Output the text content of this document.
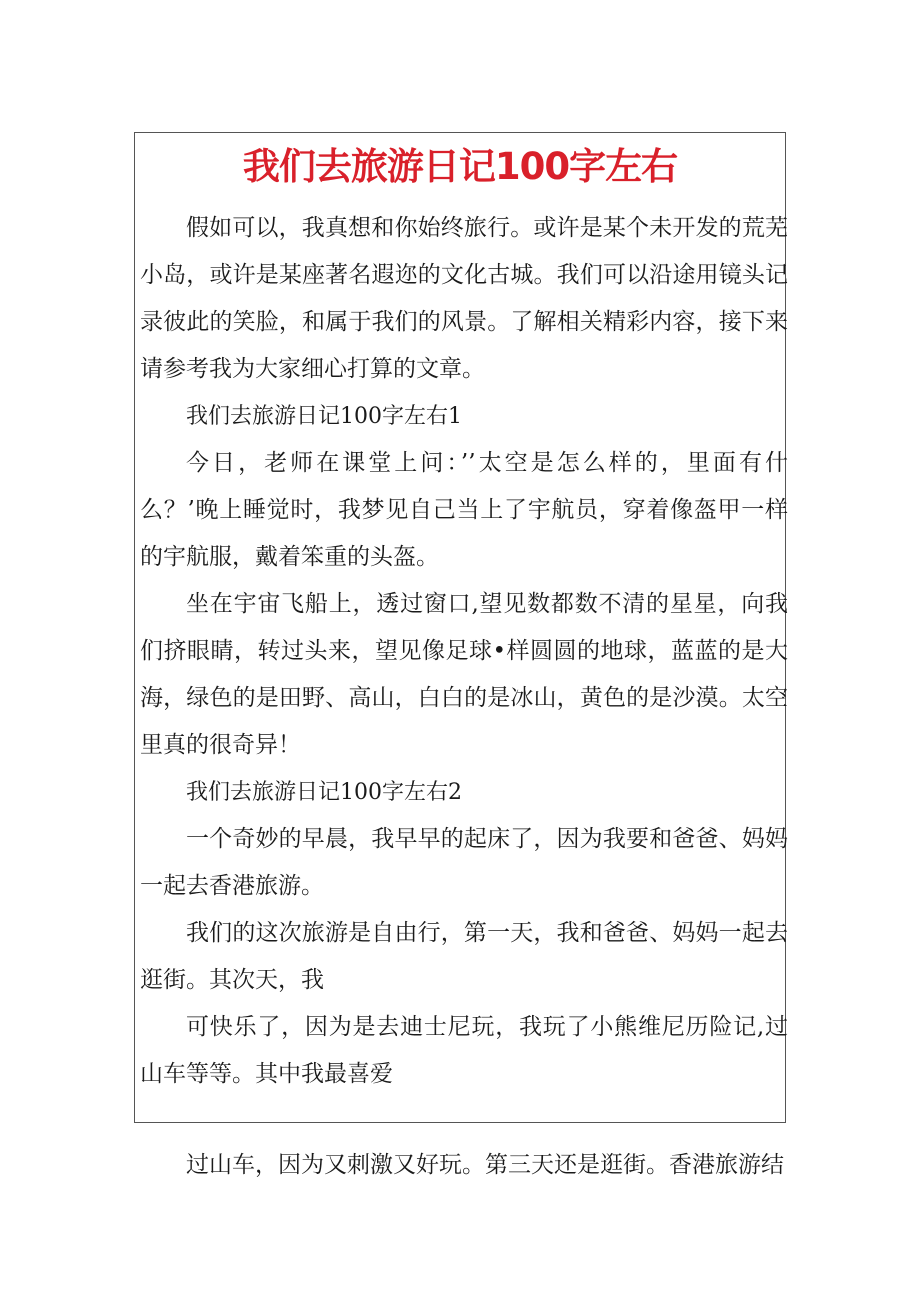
我们去旅游日记100字左右

假如可以，我真想和你始终旅行。或许是某个未开发的荒芜小岛，或许是某座著名遐迩的文化古城。我们可以沿途用镜头记录彼此的笑脸，和属于我们的风景。了解相关精彩内容，接下来请参考我为大家细心打算的文章。

我们去旅游日记100字左右1

今日，老师在课堂上问：’’太空是怎么样的，里面有什么？’晚上睡觉时，我梦见自己当上了宇航员，穿着像盔甲一样的宇航服，戴着笨重的头盔。

坐在宇宙飞船上，透过窗口,望见数都数不清的星星，向我们挤眼睛，转过头来，望见像足球•样圆圆的地球，蓝蓝的是大海，绿色的是田野、高山，白白的是冰山，黄色的是沙漠。太空里真的很奇异！

我们去旅游日记100字左右2

一个奇妙的早晨，我早早的起床了，因为我要和爸爸、妈妈一起去香港旅游。

我们的这次旅游是自由行，第一天，我和爸爸、妈妈一起去逛街。其次天，我

可快乐了，因为是去迪士尼玩，我玩了小熊维尼历险记,过山车等等。其中我最喜爱

过山车，因为又刺激又好玩。第三天还是逛街。香港旅游结
